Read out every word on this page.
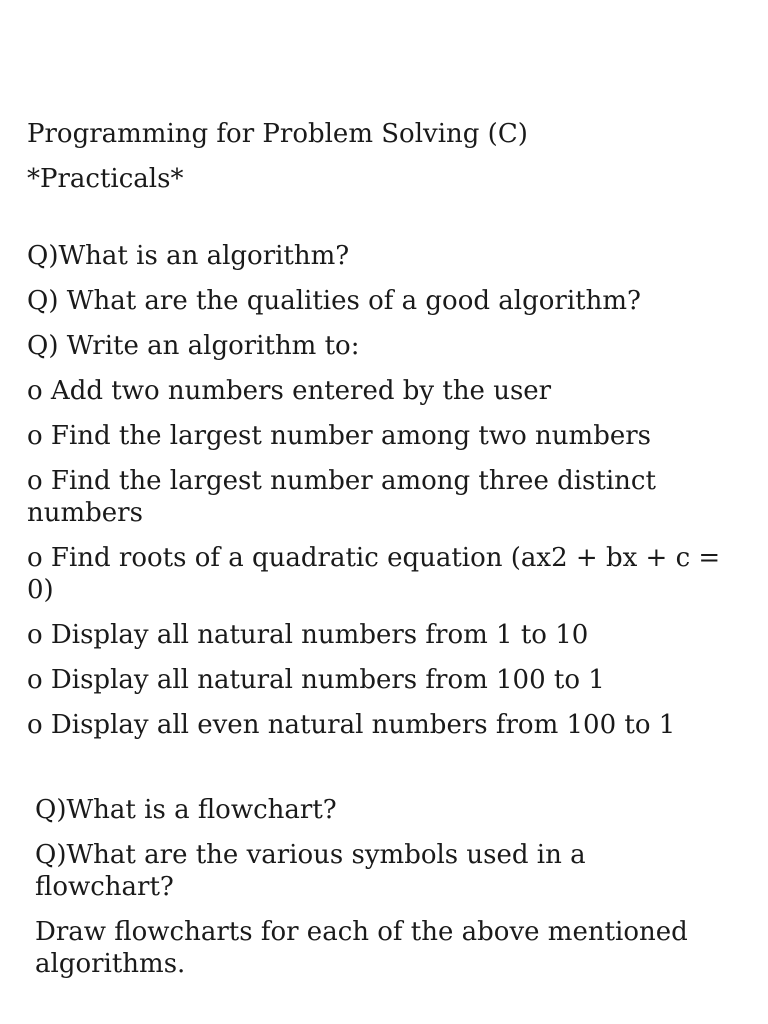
Programming for Problem Solving (C)
*Practicals*
Q)What is an algorithm?
Q) What are the qualities of a good algorithm?
Q) Write an algorithm to:
o Add two numbers entered by the user
o Find the largest number among two numbers
o Find the largest number among three distinct numbers
o Find roots of a quadratic equation (ax2 + bx + c = 0)
o Display all natural numbers from 1 to 10
o Display all natural numbers from 100 to 1
o Display all even natural numbers from 100 to 1
Q)What is a flowchart?
Q)What are the various symbols used in a flowchart?
Draw flowcharts for each of the above mentioned algorithms.
